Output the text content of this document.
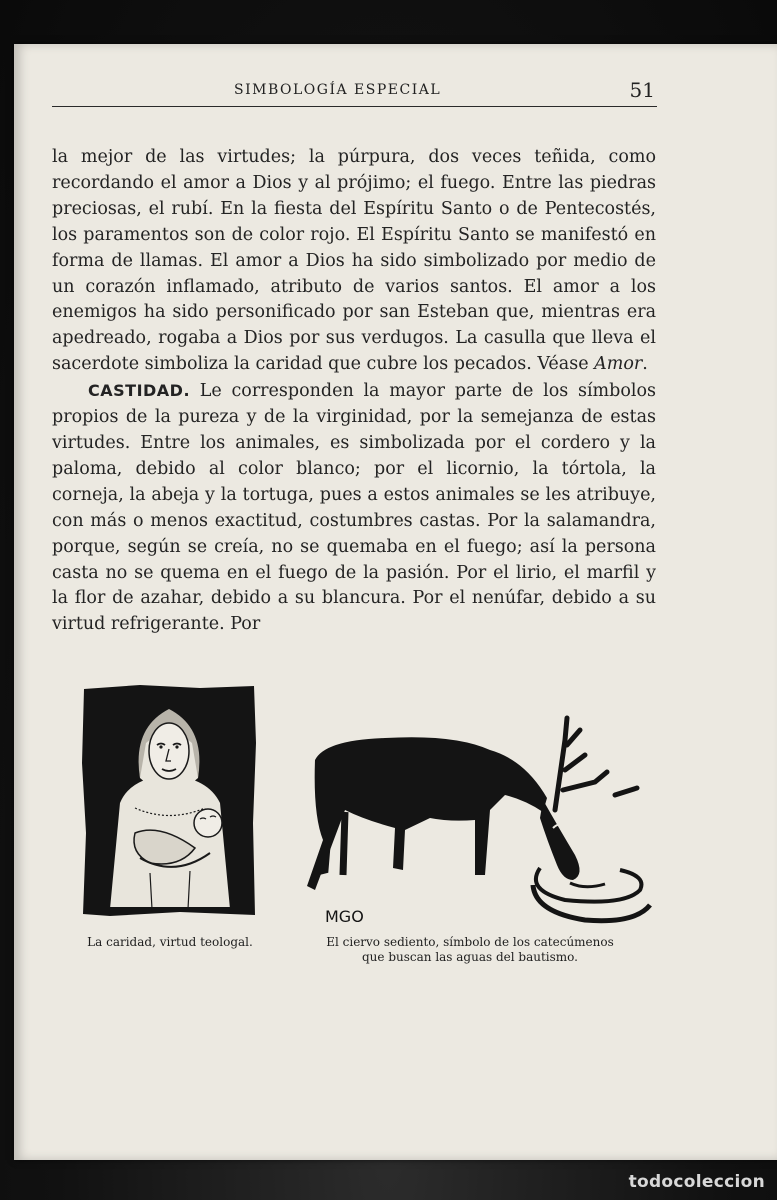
SIMBOLOGÍA ESPECIAL	51

la mejor de las virtudes; la púrpura, dos veces teñida, como recordando el amor a Dios y al prójimo; el fuego. Entre las piedras preciosas, el rubí. En la fiesta del Espíritu Santo o de Pentecostés, los paramentos son de color rojo. El Espíritu Santo se manifestó en forma de llamas. El amor a Dios ha sido simbolizado por medio de un corazón inflamado, atributo de varios santos. El amor a los enemigos ha sido personificado por san Esteban que, mientras era apedreado, rogaba a Dios por sus verdugos. La casulla que lleva el sacerdote simboliza la caridad que cubre los pecados. Véase Amor.

CASTIDAD. Le corresponden la mayor parte de los símbolos propios de la pureza y de la virginidad, por la semejanza de estas virtudes. Entre los animales, es simbolizada por el cordero y la paloma, debido al color blanco; por el licornio, la tórtola, la corneja, la abeja y la tortuga, pues a estos animales se les atribuye, con más o menos exactitud, costumbres castas. Por la salamandra, porque, según se creía, no se quemaba en el fuego; así la persona casta no se quema en el fuego de la pasión. Por el lirio, el marfil y la flor de azahar, debido a su blancura. Por el nenúfar, debido a su virtud refrigerante. Por

MGO
La caridad, virtud teologal.	El ciervo sediento, símbolo de los catecúmenos
que buscan las aguas del bautismo.
todocoleccion
